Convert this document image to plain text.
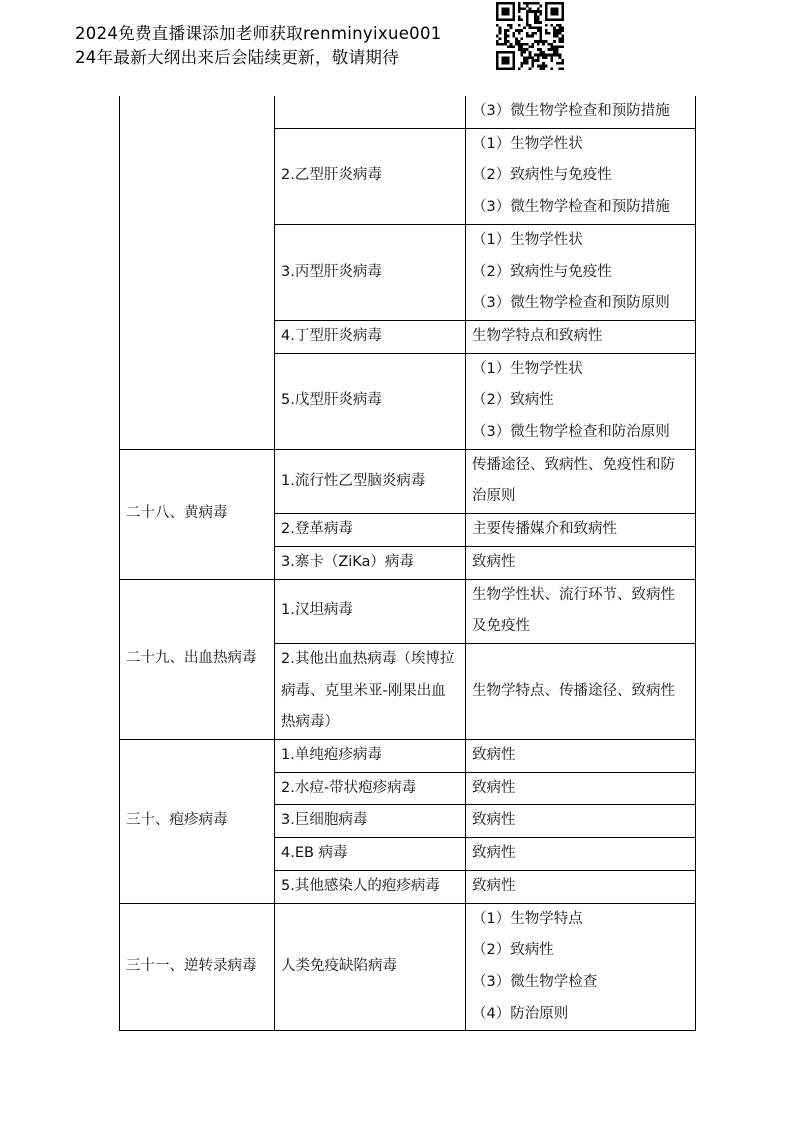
2024免费直播课添加老师获取renminyixue001
24年最新大纲出来后会陆续更新，敬请期待

		（3）微生物学检查和预防措施

	2.乙型肝炎病毒	（1）生物学性状
（2）致病性与免疫性
（3）微生物学检查和预防措施

	3.丙型肝炎病毒	（1）生物学性状
（2）致病性与免疫性
（3）微生物学检查和预防原则

	4.丁型肝炎病毒	生物学特点和致病性

	5.戊型肝炎病毒	（1）生物学性状
（2）致病性
（3）微生物学检查和防治原则

二十八、黄病毒	1.流行性乙型脑炎病毒	传播途径、致病性、免疫性和防治原则

	2.登革病毒	主要传播媒介和致病性

	3.寨卡（ZiKa）病毒	致病性

二十九、出血热病毒	1.汉坦病毒	生物学性状、流行环节、致病性及免疫性

	2.其他出血热病毒（埃博拉病毒、克里米亚-刚果出血热病毒）	生物学特点、传播途径、致病性

三十、疱疹病毒	1.单纯疱疹病毒	致病性

	2.水痘-带状疱疹病毒	致病性

	3.巨细胞病毒	致病性

	4.EB 病毒	致病性

	5.其他感染人的疱疹病毒	致病性

三十一、逆转录病毒	人类免疫缺陷病毒	（1）生物学特点
（2）致病性
（3）微生物学检查
（4）防治原则
